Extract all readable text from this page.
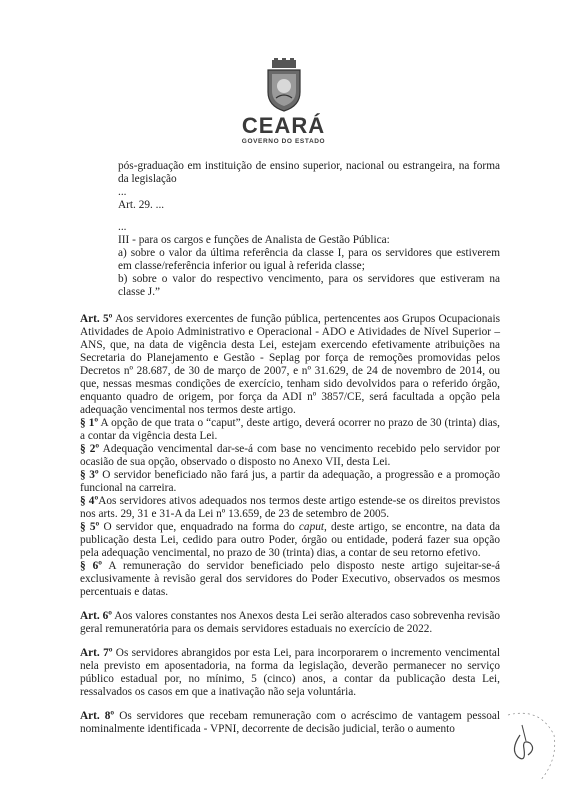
CEARÁ
GOVERNO DO ESTADO

pós-graduação em instituição de ensino superior, nacional ou estrangeira, na forma da legislação

...

Art. 29. ...

...

III - para os cargos e funções de Analista de Gestão Pública:

a) sobre o valor da última referência da classe I, para os servidores que estiverem em classe/referência inferior ou igual à referida classe;

b) sobre o valor do respectivo vencimento, para os servidores que estiveram na classe J.”

Art. 5º Aos servidores exercentes de função pública, pertencentes aos Grupos Ocupacionais Atividades de Apoio Administrativo e Operacional - ADO e Atividades de Nível Superior – ANS, que, na data de vigência desta Lei, estejam exercendo efetivamente atribuições na Secretaria do Planejamento e Gestão - Seplag por força de remoções promovidas pelos Decretos nº 28.687, de 30 de março de 2007, e nº 31.629, de 24 de novembro de 2014, ou que, nessas mesmas condições de exercício, tenham sido devolvidos para o referido órgão, enquanto quadro de origem, por força da ADI nº 3857/CE, será facultada a opção pela adequação vencimental nos termos deste artigo.

§ 1º A opção de que trata o “caput”, deste artigo, deverá ocorrer no prazo de 30 (trinta) dias, a contar da vigência desta Lei.

§ 2º Adequação vencimental dar-se-á com base no vencimento recebido pelo servidor por ocasião de sua opção, observado o disposto no Anexo VII, desta Lei.

§ 3º O servidor beneficiado não fará jus, a partir da adequação, a progressão e a promoção funcional na carreira.

§ 4ºAos servidores ativos adequados nos termos deste artigo estende-se os direitos previstos nos arts. 29, 31 e 31-A da Lei nº 13.659, de 23 de setembro de 2005.

§ 5º O servidor que, enquadrado na forma do caput, deste artigo, se encontre, na data da publicação desta Lei, cedido para outro Poder, órgão ou entidade, poderá fazer sua opção pela adequação vencimental, no prazo de 30 (trinta) dias, a contar de seu retorno efetivo.

§ 6º A remuneração do servidor beneficiado pelo disposto neste artigo sujeitar-se-á exclusivamente à revisão geral dos servidores do Poder Executivo, observados os mesmos percentuais e datas.

Art. 6º Aos valores constantes nos Anexos desta Lei serão alterados caso sobrevenha revisão geral remuneratória para os demais servidores estaduais no exercício de 2022.

Art. 7º Os servidores abrangidos por esta Lei, para incorporarem o incremento vencimental nela previsto em aposentadoria, na forma da legislação, deverão permanecer no serviço público estadual por, no mínimo, 5 (cinco) anos, a contar da publicação desta Lei, ressalvados os casos em que a inativação não seja voluntária.

Art. 8º Os servidores que recebam remuneração com o acréscimo de vantagem pessoal nominalmente identificada - VPNI, decorrente de decisão judicial, terão o aumento
